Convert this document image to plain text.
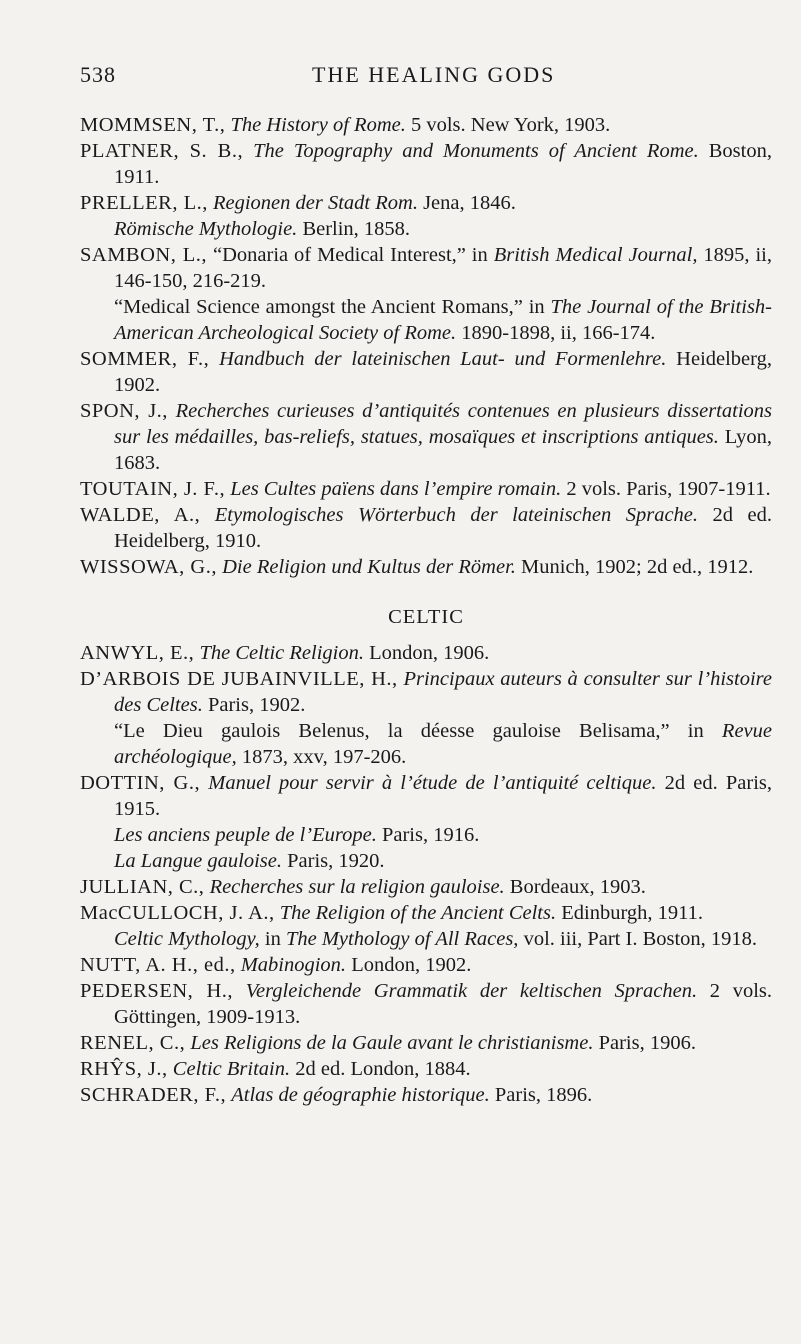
538	THE HEALING GODS

MOMMSEN, T., The History of Rome. 5 vols. New York, 1903.

PLATNER, S. B., The Topography and Monuments of Ancient Rome. Boston, 1911.

PRELLER, L., Regionen der Stadt Rom. Jena, 1846.

Römische Mythologie. Berlin, 1858.

SAMBON, L., “Donaria of Medical Interest,” in British Medical Journal, 1895, ii, 146-150, 216-219.

“Medical Science amongst the Ancient Romans,” in The Journal of the British-American Archeological Society of Rome. 1890-1898, ii, 166-174.

SOMMER, F., Handbuch der lateinischen Laut- und Formenlehre. Heidelberg, 1902.

SPON, J., Recherches curieuses d’antiquités contenues en plusieurs dissertations sur les médailles, bas-reliefs, statues, mosaïques et inscriptions antiques. Lyon, 1683.

TOUTAIN, J. F., Les Cultes païens dans l’empire romain. 2 vols. Paris, 1907-1911.

WALDE, A., Etymologisches Wörterbuch der lateinischen Sprache. 2d ed. Heidelberg, 1910.

WISSOWA, G., Die Religion und Kultus der Römer. Munich, 1902; 2d ed., 1912.

CELTIC

ANWYL, E., The Celtic Religion. London, 1906.

D’ARBOIS DE JUBAINVILLE, H., Principaux auteurs à consulter sur l’histoire des Celtes. Paris, 1902.

“Le Dieu gaulois Belenus, la déesse gauloise Belisama,” in Revue archéologique, 1873, xxv, 197-206.

DOTTIN, G., Manuel pour servir à l’étude de l’antiquité celtique. 2d ed. Paris, 1915.

Les anciens peuple de l’Europe. Paris, 1916.

La Langue gauloise. Paris, 1920.

JULLIAN, C., Recherches sur la religion gauloise. Bordeaux, 1903.

MacCULLOCH, J. A., The Religion of the Ancient Celts. Edinburgh, 1911.

Celtic Mythology, in The Mythology of All Races, vol. iii, Part I. Boston, 1918.

NUTT, A. H., ed., Mabinogion. London, 1902.

PEDERSEN, H., Vergleichende Grammatik der keltischen Sprachen. 2 vols. Göttingen, 1909-1913.

RENEL, C., Les Religions de la Gaule avant le christianisme. Paris, 1906.

RHŶS, J., Celtic Britain. 2d ed. London, 1884.

SCHRADER, F., Atlas de géographie historique. Paris, 1896.
